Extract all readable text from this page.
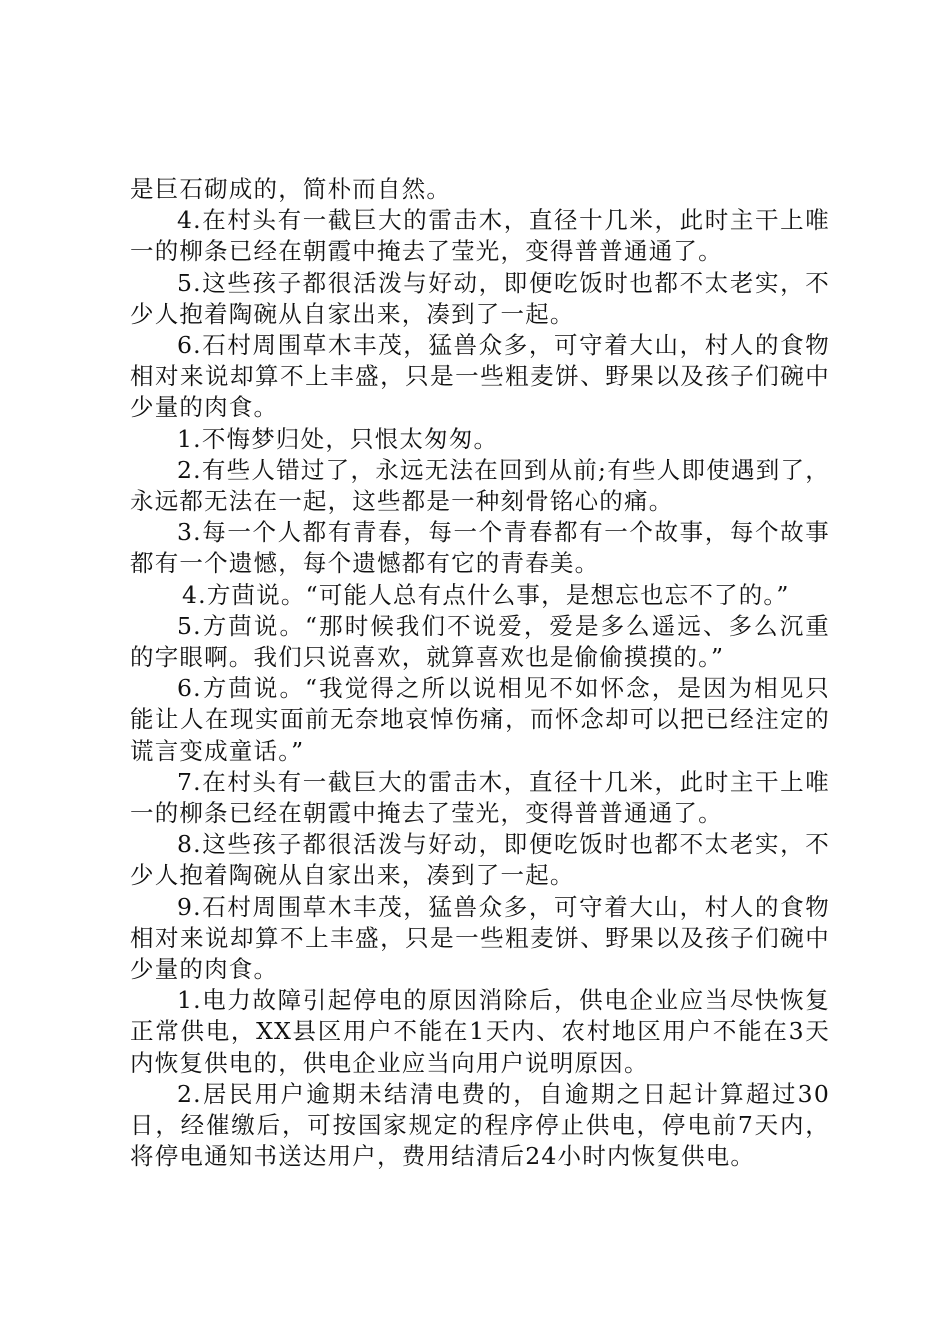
是巨石砌成的，简朴而自然。

4.在村头有一截巨大的雷击木，直径十几米，此时主干上唯一的柳条已经在朝霞中掩去了莹光，变得普普通通了。

5.这些孩子都很活泼与好动，即便吃饭时也都不太老实，不少人抱着陶碗从自家出来，凑到了一起。

6.石村周围草木丰茂，猛兽众多，可守着大山，村人的食物相对来说却算不上丰盛，只是一些粗麦饼、野果以及孩子们碗中少量的肉食。

1.不悔梦归处，只恨太匆匆。

2.有些人错过了，永远无法在回到从前;有些人即使遇到了，永远都无法在一起，这些都是一种刻骨铭心的痛。

3.每一个人都有青春，每一个青春都有一个故事，每个故事都有一个遗憾，每个遗憾都有它的青春美。

4.方茴说。“可能人总有点什么事，是想忘也忘不了的。”

5.方茴说。“那时候我们不说爱，爱是多么遥远、多么沉重的字眼啊。我们只说喜欢，就算喜欢也是偷偷摸摸的。”

6.方茴说。“我觉得之所以说相见不如怀念，是因为相见只能让人在现实面前无奈地哀悼伤痛，而怀念却可以把已经注定的谎言变成童话。”

7.在村头有一截巨大的雷击木，直径十几米，此时主干上唯一的柳条已经在朝霞中掩去了莹光，变得普普通通了。

8.这些孩子都很活泼与好动，即便吃饭时也都不太老实，不少人抱着陶碗从自家出来，凑到了一起。

9.石村周围草木丰茂，猛兽众多，可守着大山，村人的食物相对来说却算不上丰盛，只是一些粗麦饼、野果以及孩子们碗中少量的肉食。

1.电力故障引起停电的原因消除后，供电企业应当尽快恢复正常供电，XX县区用户不能在1天内、农村地区用户不能在3天内恢复供电的，供电企业应当向用户说明原因。

2.居民用户逾期未结清电费的，自逾期之日起计算超过30日，经催缴后，可按国家规定的程序停止供电，停电前7天内，将停电通知书送达用户，费用结清后24小时内恢复供电。
